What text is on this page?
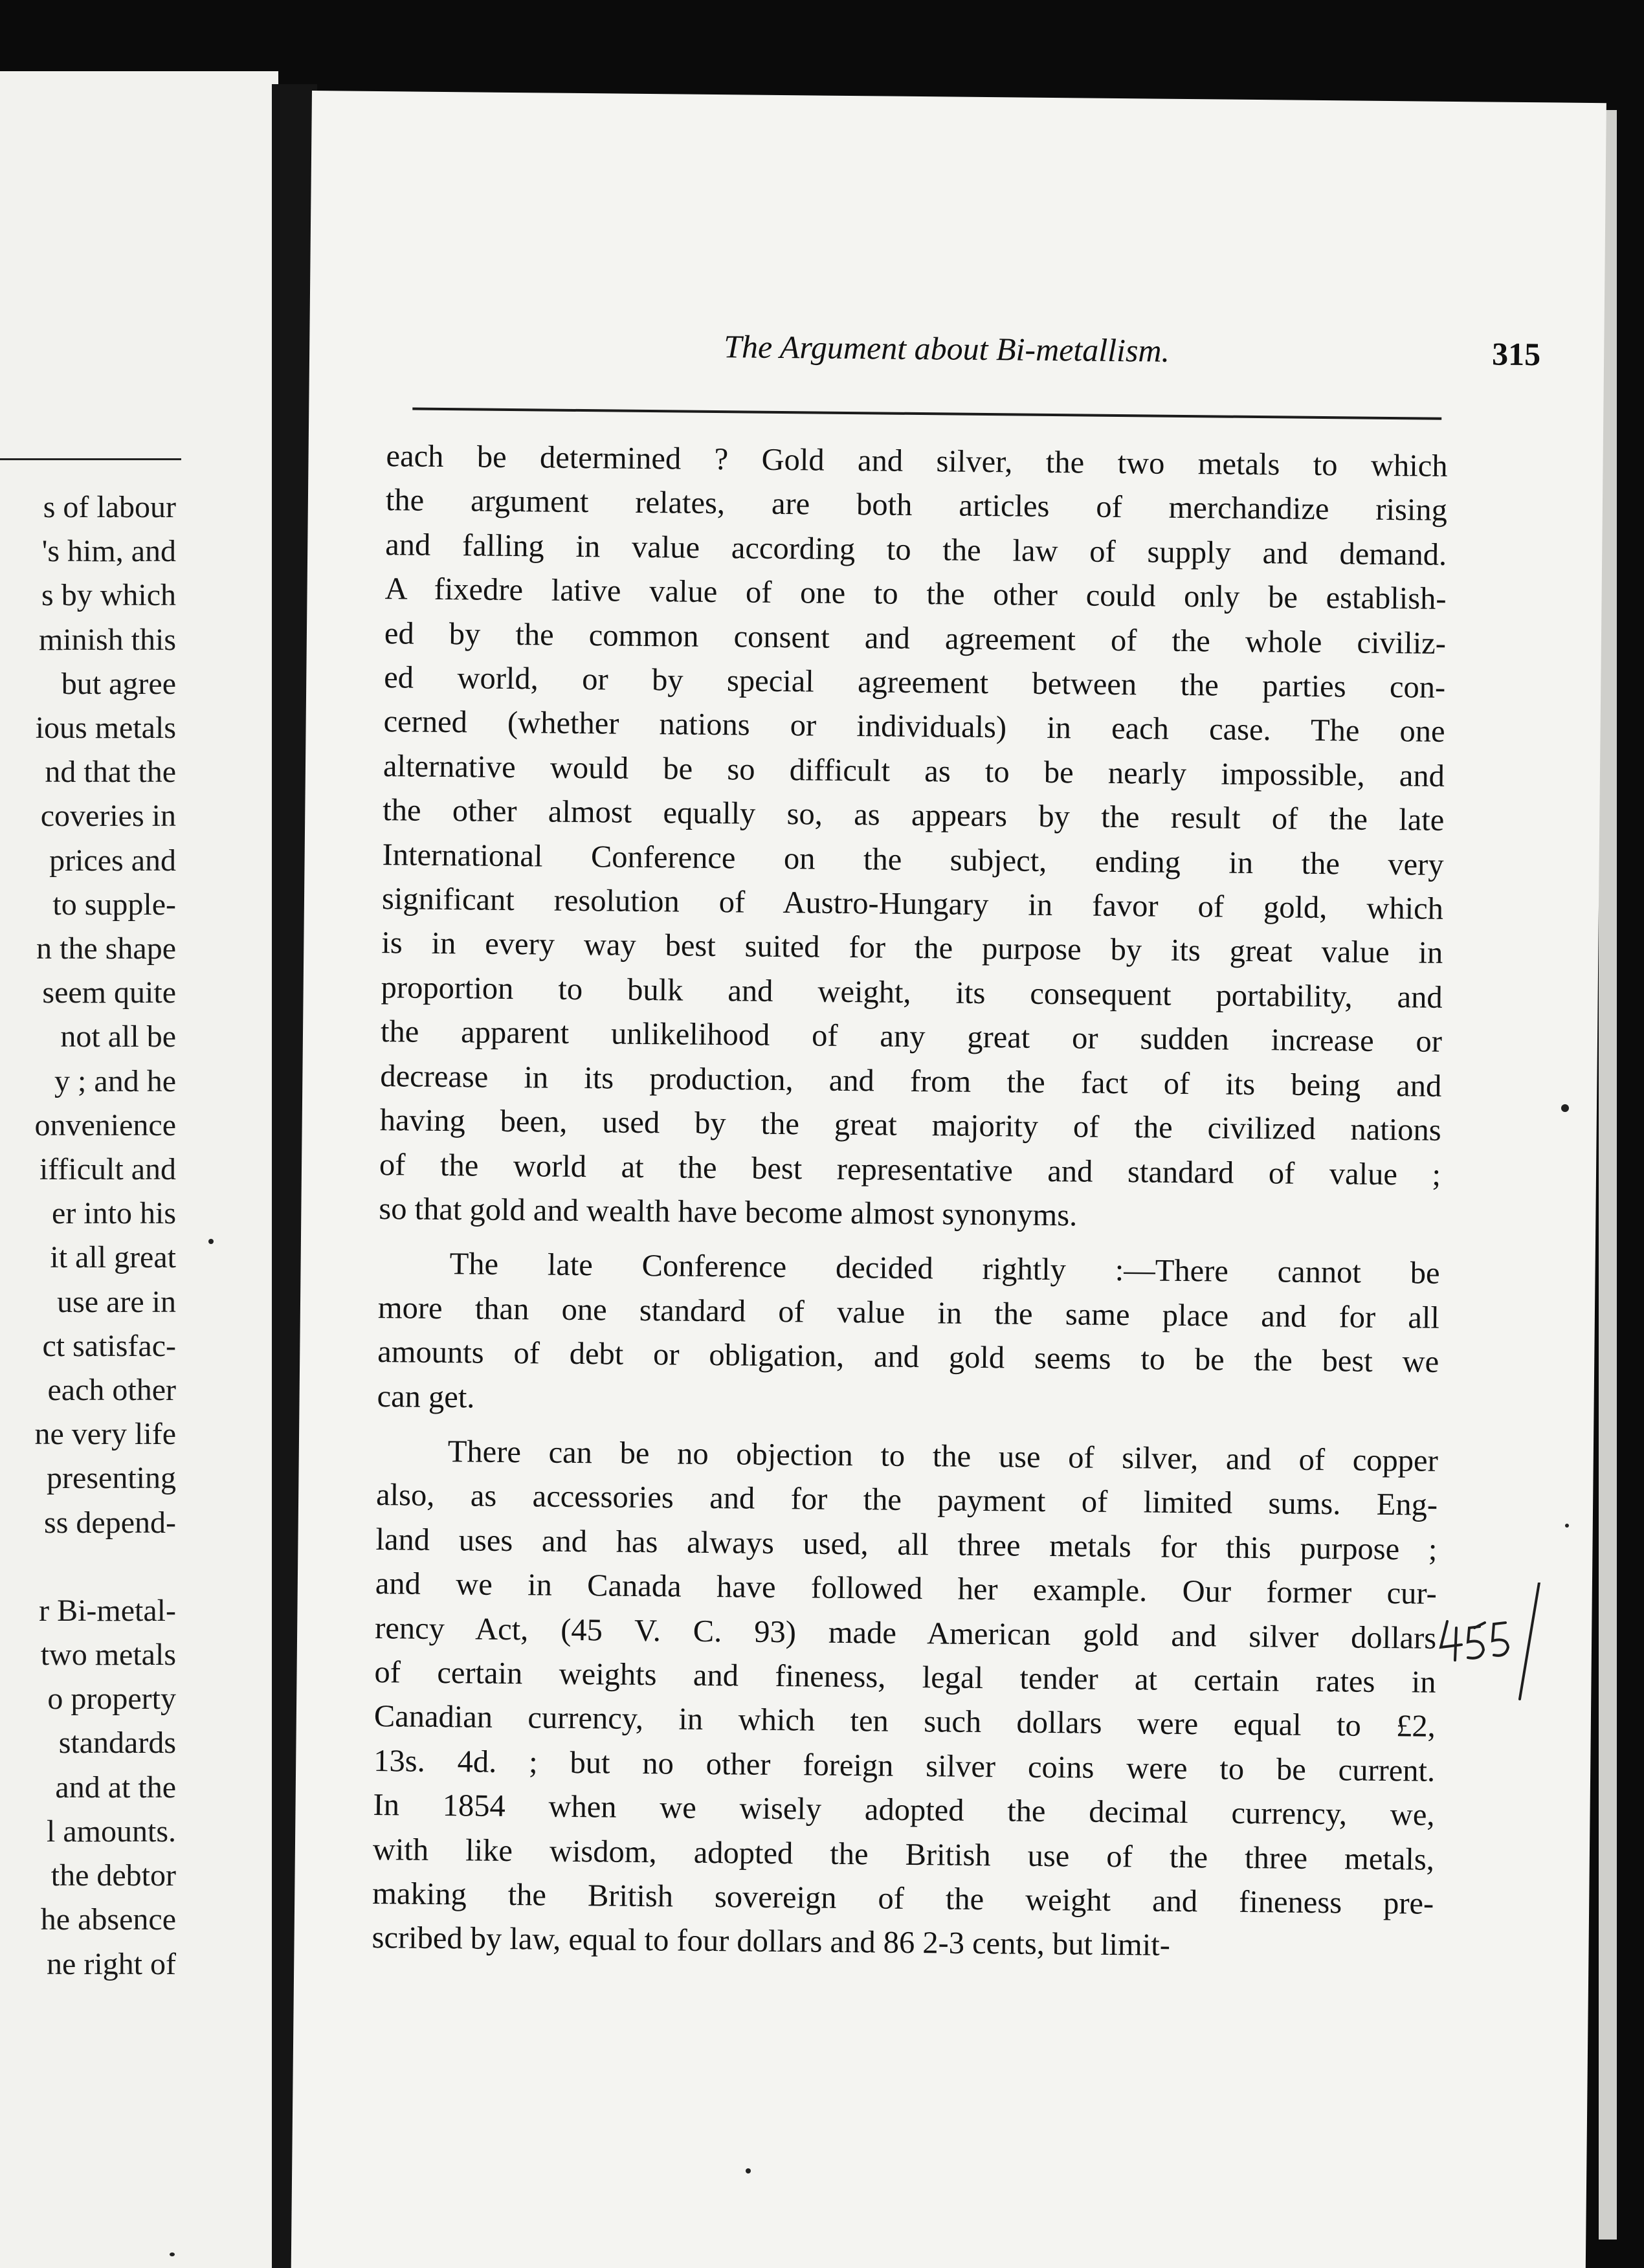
s of labour
's him, and
s by which
minish this
but agree
ious metals
nd that the
coveries in
prices and
to supple-
n the shape
seem quite
not all be
y ; and he
onvenience
ifficult and
er into his
it all great
use are in
ct satisfac-
each other
ne very life
presenting
ss depend-
r Bi-metal-
two metals
o property
standards
and at the
l amounts.
the debtor
he absence
ne right of
The Argument about Bi-metallism.	315
each be determined ? Gold and silver, the two metals to which
the argument relates, are both articles of merchandize rising
and falling in value according to the law of supply and demand.
A fixedre lative value of one to the other could only be establish-
ed by the common consent and agreement of the whole civiliz-
ed world, or by special agreement between the parties con-
cerned (whether nations or individuals) in each case. The one
alternative would be so difficult as to be nearly impossible, and
the other almost equally so, as appears by the result of the late
International Conference on the subject, ending in the very
significant resolution of Austro-Hungary in favor of gold, which
is in every way best suited for the purpose by its great value in
proportion to bulk and weight, its consequent portability, and
the apparent unlikelihood of any great or sudden increase or
decrease in its production, and from the fact of its being and
having been, used by the great majority of the civilized nations
of the world at the best representative and standard of value ;
so that gold and wealth have become almost synonyms.
The late Conference decided rightly :—There cannot be
more than one standard of value in the same place and for all
amounts of debt or obligation, and gold seems to be the best we
can get.
There can be no objection to the use of silver, and of copper
also, as accessories and for the payment of limited sums. Eng-
land uses and has always used, all three metals for this purpose ;
and we in Canada have followed her example. Our former cur-
rency Act, (45 V. C. 93) made American gold and silver dollars
of certain weights and fineness, legal tender at certain rates in
Canadian currency, in which ten such dollars were equal to £2,
13s. 4d. ; but no other foreign silver coins were to be current.
In 1854 when we wisely adopted the decimal currency, we,
with like wisdom, adopted the British use of the three metals,
making the British sovereign of the weight and fineness pre-
scribed by law, equal to four dollars and 86 2-3 cents, but limit-
